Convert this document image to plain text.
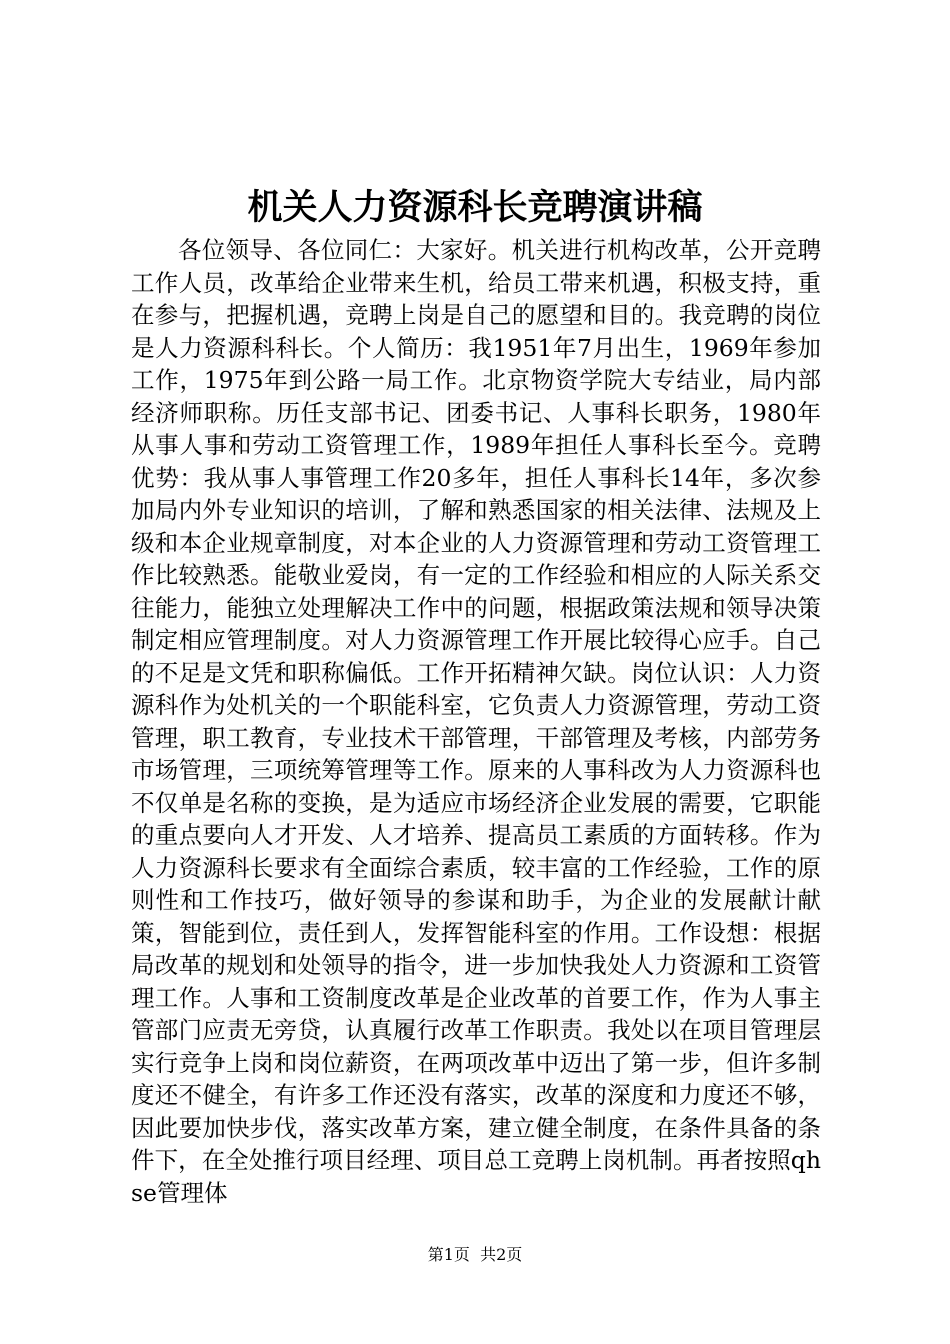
机关人力资源科长竞聘演讲稿

各位领导、各位同仁：大家好。机关进行机构改革，公开竞聘工作人员，改革给企业带来生机，给员工带来机遇，积极支持，重在参与，把握机遇，竞聘上岗是自己的愿望和目的。我竞聘的岗位是人力资源科科长。个人简历：我1951年7月出生，1969年参加工作，1975年到公路一局工作。北京物资学院大专结业，局内部经济师职称。历任支部书记、团委书记、人事科长职务，1980年从事人事和劳动工资管理工作，1989年担任人事科长至今。竞聘优势：我从事人事管理工作20多年，担任人事科长14年，多次参加局内外专业知识的培训，了解和熟悉国家的相关法律、法规及上级和本企业规章制度，对本企业的人力资源管理和劳动工资管理工作比较熟悉。能敬业爱岗，有一定的工作经验和相应的人际关系交往能力，能独立处理解决工作中的问题，根据政策法规和领导决策制定相应管理制度。对人力资源管理工作开展比较得心应手。自己的不足是文凭和职称偏低。工作开拓精神欠缺。岗位认识：人力资源科作为处机关的一个职能科室，它负责人力资源管理，劳动工资管理，职工教育，专业技术干部管理，干部管理及考核，内部劳务市场管理，三项统筹管理等工作。原来的人事科改为人力资源科也不仅单是名称的变换，是为适应市场经济企业发展的需要，它职能的重点要向人才开发、人才培养、提高员工素质的方面转移。作为人力资源科长要求有全面综合素质，较丰富的工作经验，工作的原则性和工作技巧，做好领导的参谋和助手，为企业的发展献计献策，智能到位，责任到人，发挥智能科室的作用。工作设想：根据局改革的规划和处领导的指令，进一步加快我处人力资源和工资管理工作。人事和工资制度改革是企业改革的首要工作，作为人事主管部门应责无旁贷，认真履行改革工作职责。我处以在项目管理层实行竞争上岗和岗位薪资，在两项改革中迈出了第一步，但许多制度还不健全，有许多工作还没有落实，改革的深度和力度还不够，因此要加快步伐，落实改革方案，建立健全制度，在条件具备的条件下，在全处推行项目经理、项目总工竞聘上岗机制。再者按照qhse管理体

第1页 共2页
